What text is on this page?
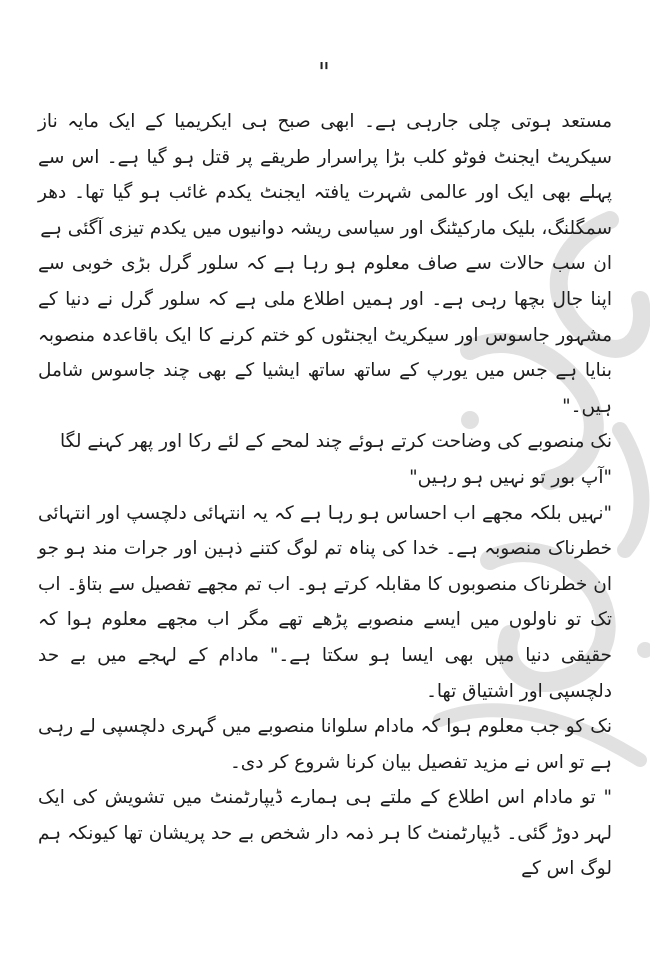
"

مستعد ہوتی چلی جارہی ہے۔ ابھی صبح ہی ایکریمیا کے ایک مایہ ناز سیکریٹ ایجنٹ فوٹو کلب بڑا پراسرار طریقے پر قتل ہو گیا ہے۔ اس سے پہلے بھی ایک اور عالمی شہرت یافتہ ایجنٹ یکدم غائب ہو گیا تھا۔ دھر سمگلنگ، بلیک مارکیٹنگ اور سیاسی ریشہ دوانیوں میں یکدم تیزی آگئی ہے

ان سب حالات سے صاف معلوم ہو رہا ہے کہ سلور گرل بڑی خوبی سے اپنا جال بچھا رہی ہے۔ اور ہمیں اطلاع ملی ہے کہ سلور گرل نے دنیا کے مشہور جاسوس اور سیکریٹ ایجنٹوں کو ختم کرنے کا ایک باقاعدہ منصوبہ بنایا ہے جس میں یورپ کے ساتھ ساتھ ایشیا کے بھی چند جاسوس شامل ہیں۔"

نک منصوبے کی وضاحت کرتے ہوئے چند لمحے کے لئے رکا اور پھر کہنے لگا

"آپ بور تو نہیں ہو رہیں"

"نہیں بلکہ مجھے اب احساس ہو رہا ہے کہ یہ انتہائی دلچسپ اور انتہائی خطرناک منصوبہ ہے۔ خدا کی پناہ تم لوگ کتنے ذہین اور جرات مند ہو جو ان خطرناک منصوبوں کا مقابلہ کرتے ہو۔ اب تم مجھے تفصیل سے بتاؤ۔ اب تک تو ناولوں میں ایسے منصوبے پڑھے تھے مگر اب مجھے معلوم ہوا کہ حقیقی دنیا میں بھی ایسا ہو سکتا ہے۔" مادام کے لہجے میں بے حد دلچسپی اور اشتیاق تھا۔

نک کو جب معلوم ہوا کہ مادام سلوانا منصوبے میں گہری دلچسپی لے رہی ہے تو اس نے مزید تفصیل بیان کرنا شروع کر دی۔

" تو مادام اس اطلاع کے ملتے ہی ہمارے ڈیپارٹمنٹ میں تشویش کی ایک لہر دوڑ گئی۔ ڈیپارٹمنٹ کا ہر ذمہ دار شخص بے حد پریشان تھا کیونکہ ہم لوگ اس کے
